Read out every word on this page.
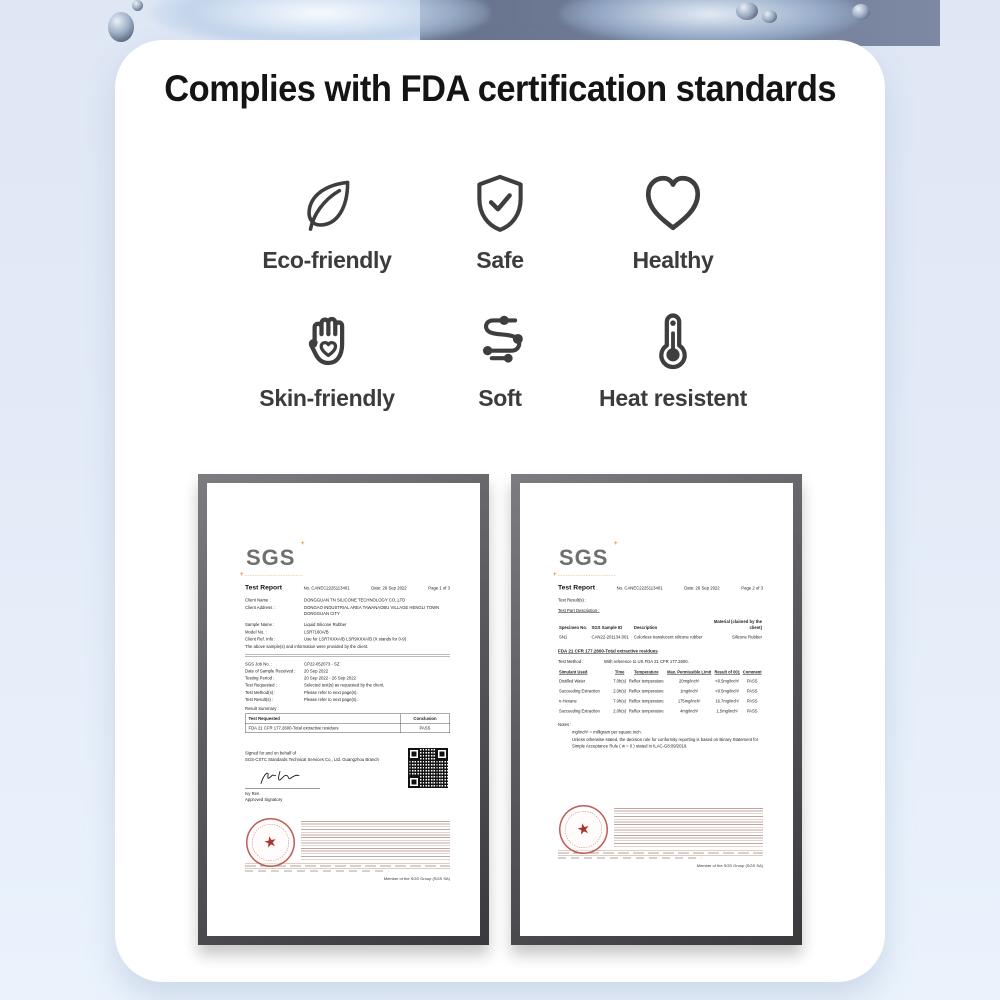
Complies with FDA certification standards
Eco-friendly	Safe	Healthy
Skin-friendly	Soft	Heat resistent
SGS
+
+
Test Report	No. CANEC2225113401	Date: 26 Sep 2022	Page 1 of 3
Client Name :	DONGGUAN TN SILICONE TECHNOLOGY CO.,LTD
Client Address :	DONGAO INDUSTRIAL AREA TAWANAOBU VILLAGE HENGLI TOWN DONGGUAN CITY
Sample Name :	Liquid Silicone Rubber
Model No. :	LSR7160A/B
Client Ref. Info :	Use for LSR7XXXA/B LSR9XXXA/B (X stands for 0-9)
The above sample(s) and information were provided by the client.
SGS Job No. :	CP22-052073 - SZ
Date of Sample Received : 20 Sep 2022
Testing Period :	20 Sep 2022 - 26 Sep 2022
Test Requested :	Selected test(s) as requested by the client.
Test Method(s) :	Please refer to next page(s).
Test Result(s) :	Please refer to next page(s).
Result Summary :
Test Requested	Conclusion
FDA 21 CFR 177.2600-Total extractive residues	PASS
Signed for and on behalf of
SGS-CSTC Standards Technical Services Co., Ltd. Guangzhou Branch
Ivy Ren
Approved Signatory
★
Member of the SGS Group (SGS SA)
SGS
+
+
Test Report	No. CANEC2225113401	Date: 26 Sep 2022	Page 2 of 3
Test Result(s) :
Test Part Description :
Specimen No.	SGS Sample ID	Description	Material (claimed by the client)
SN1	CAN22-201134.001	Colorless translucent silicone rubber	Silicone Rubber
FDA 21 CFR 177.2600-Total extractive residues
Test Method :	With reference to US FDA 21 CFR 177.2600.
Simulant Used	Time	Temperature	Max. Permissible Limit	Result of 001	Comment
Distilled Water	7.0h(s)	Reflux temperature	20mg/inch²	<0.5mg/inch²	PASS
Succeeding Extraction	2.0h(s)	Reflux temperature	1mg/inch²	<0.5mg/inch²	PASS
n-Hexane	7.0h(s)	Reflux temperature	175mg/inch²	16.7mg/inch²	PASS
Succeeding Extraction	2.0h(s)	Reflux temperature	4mg/inch²	1.5mg/inch²	PASS
Notes :
mg/inch² = milligram per square inch.
Unless otherwise stated, the decision rule for conformity reporting is based on Binary Statement for Simple Acceptance Rule ( w = 0 ) stated in ILAC-G8:09/2019.
★
Member of the SGS Group (SGS SA)
